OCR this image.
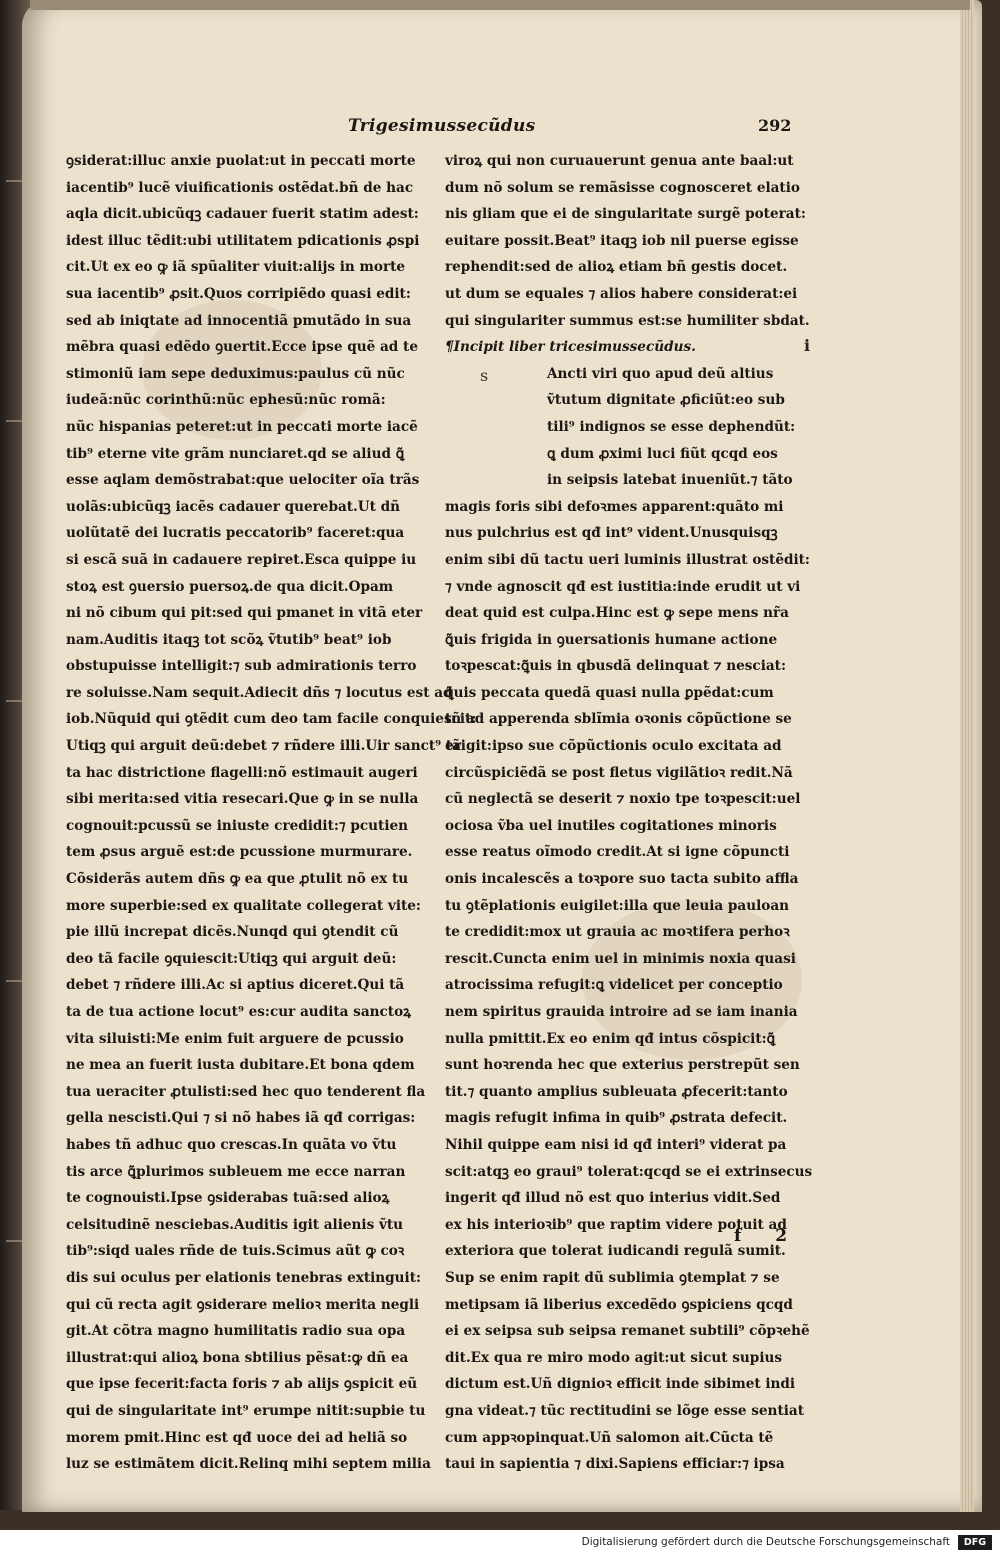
Trigesimussecũdus	292
ꝯsiderat:illuc anxie puolat:ut in peccati morte
iacentib⁹ lucẽ viuificationis ostẽdat.bñ de hac
aqla dicit.ubicũqꝫ cadauer fuerit statim adest:
idest illuc tẽdit:ubi utilitatem pdicationis ꝓspi
cit.Ut ex eo ꝙ iã spũaliter viuit:alijs in morte
sua iacentib⁹ ꝓsit.Quos corripiẽdo quasi edit:
sed ab iniqtate ad innocentiã pmutãdo in sua
mẽbra quasi edẽdo ꝯuertit.Ecce ipse quẽ ad te
stimoniũ iam sepe deduximus:paulus cũ nũc
iudeã:nũc corinthũ:nũc ephesũ:nũc romã:
nũc hispanias peteret:ut in peccati morte iacẽ
tib⁹ eterne vite grãm nunciaret.qd se aliud ꝗ̃
esse aqlam demõstrabat:que uelociter oĩa trãs
uolãs:ubicũqꝫ iacẽs cadauer querebat.Ut dñ
uolũtatẽ dei lucratis peccatorib⁹ faceret:qua
si escã suã in cadauere repiret.Esca quippe iu
stoꝝ est ꝯuersio puersoꝝ.de qua dicit.Opam
ni nõ cibum qui pit:sed qui pmanet in vitã eter
nam.Auditis itaqꝫ tot scõꝝ ṽtutib⁹ beat⁹ iob
obstupuisse intelligit:⁊ sub admirationis terro
re soluisse.Nam sequit.Adiecit dñs ⁊ locutus est ad
iob.Nũquid qui ꝯtẽdit cum deo tam facile conquiescit:
Utiqꝫ qui arguit deũ:debet ⁊ rñdere illi.Uir sanct⁹ tã
ta hac districtione flagelli:nõ estimauit augeri
sibi merita:sed vitia resecari.Que ꝙ in se nulla
cognouit:pcussũ se iniuste credidit:⁊ pcutien
tem ꝓsus arguẽ est:de pcussione murmurare.
Cõsiderãs autem dñs ꝙ ea que ꝓtulit nõ ex tu
more superbie:sed ex qualitate collegerat vite:
pie illũ increpat dicẽs.Nunqd qui ꝯtendit cũ
deo tã facile ꝯquiescit:Utiqꝫ qui arguit deũ:
debet ⁊ rñdere illi.Ac si aptius diceret.Qui tã
ta de tua actione locut⁹ es:cur audita sanctoꝝ
vita siluisti:Me enim fuit arguere de pcussio
ne mea an fuerit iusta dubitare.Et bona qdem
tua ueraciter ꝓtulisti:sed hec quo tenderent fla
gella nescisti.Qui ⁊ si nõ habes iã qđ corrigas:
habes tñ adhuc quo crescas.In quãta vo ṽtu
tis arce ꝗ̃plurimos subleuem me ecce narran
te cognouisti.Ipse ꝯsiderabas tuã:sed alioꝝ
celsitudinẽ nesciebas.Auditis igit alienis ṽtu
tib⁹:siqd uales rñde de tuis.Scimus aũt ꝙ coꝛ
dis sui oculus per elationis tenebras extinguit:
qui cũ recta agit ꝯsiderare melioꝛ merita negli
git.At cõtra magno humilitatis radio sua opa
illustrat:qui alioꝝ bona sbtilius pẽsat:ꝙ dñ ea
que ipse fecerit:facta foris ⁊ ab alijs ꝯspicit eũ
qui de singularitate int⁹ erumpe nitit:supbie tu
morem pmit.Hinc est qđ uoce dei ad heliã so
luz se estimãtem dicit.Relinq mihi septem milia
viroꝝ qui non curuauerunt genua ante baal:ut
dum nõ solum se remãsisse cognosceret elatio
nis gliam que ei de singularitate surgẽ poterat:
euitare possit.Beat⁹ itaqꝫ iob nil puerse egisse
rephendit:sed de alioꝝ etiam bñ gestis docet.
ut dum se equales ⁊ alios habere considerat:ei
qui singulariter summus est:se humiliter sbdat.
¶Incipit liber tricesimussecũdus.
Ancti viri quo apud deũ altius
ṽtutum dignitate ꝓficiũt:eo sub
tili⁹ indignos se esse dephendũt:
ꝗ dum ꝓximi luci fiũt qcqd eos
in seipsis latebat inueniũt.⁊ tãto
magis foris sibi defoꝛmes apparent:quãto mi
nus pulchrius est qđ int⁹ vident.Unusquisqꝫ
enim sibi dũ tactu ueri luminis illustrat ostẽdit:
⁊ vnde agnoscit qđ est iustitia:inde erudit ut vi
deat quid est culpa.Hinc est ꝙ sepe mens nr̃a
ꝗ̃uis frigida in ꝯuersationis humane actione
toꝛpescat:ꝗ̃uis in qbusdã delinquat ⁊ nesciat:
ꝗ̃uis peccata quedã quasi nulla ꝑpẽdat:cum
tñ ad apperenda sblĩmia oꝛonis cõpũctione se
erigit:ipso sue cõpũctionis oculo excitata ad
circũspiciẽdã se post fletus vigilãtioꝛ redit.Nã
cũ neglectã se deserit ⁊ noxio tpe toꝛpescit:uel
ociosa ṽba uel inutiles cogitationes minoris
esse reatus oĩmodo credit.At si igne cõpuncti
onis incalescẽs a toꝛpore suo tacta subito affla
tu ꝯtẽplationis euigilet:illa que leuia pauloan
te credidit:mox ut grauia ac moꝛtifera perhoꝛ
rescit.Cuncta enim uel in minimis noxia quasi
atrocissima refugit:ꝗ videlicet per conceptio
nem spiritus grauida introire ad se iam inania
nulla pmittit.Ex eo enim qđ intus cõspicit:ꝗ̃
sunt hoꝛrenda hec que exterius perstrepũt sen
tit.⁊ quanto amplius subleuata ꝓfecerit:tanto
magis refugit infima in quib⁹ ꝓstrata defecit.
Nihil quippe eam nisi id qđ interi⁹ viderat pa
scit:atqꝫ eo graui⁹ tolerat:qcqd se ei extrinsecus
ingerit qđ illud nõ est quo interius vidit.Sed
ex his interioꝛib⁹ que raptim videre potuit ad
exteriora que tolerat iudicandi regulã sumit.
Sup se enim rapit dũ sublimia ꝯtemplat ⁊ se
metipsam iã liberius excedẽdo ꝯspiciens qcqd
ei ex seipsa sub seipsa remanet subtili⁹ cõpꝛehẽ
dit.Ex qua re miro modo agit:ut sicut supius
dictum est.Uñ dignioꝛ efficit inde sibimet indi
gna videat.⁊ tũc rectitudini se lõge esse sentiat
cum appꝛopinquat.Uñ salomon ait.Cũcta tẽ
taui in sapientia ⁊ dixi.Sapiens efficiar:⁊ ipsa
s
i
f 2
Digitalisierung gefördert durch die Deutsche Forschungsgemeinschaft	DFG
